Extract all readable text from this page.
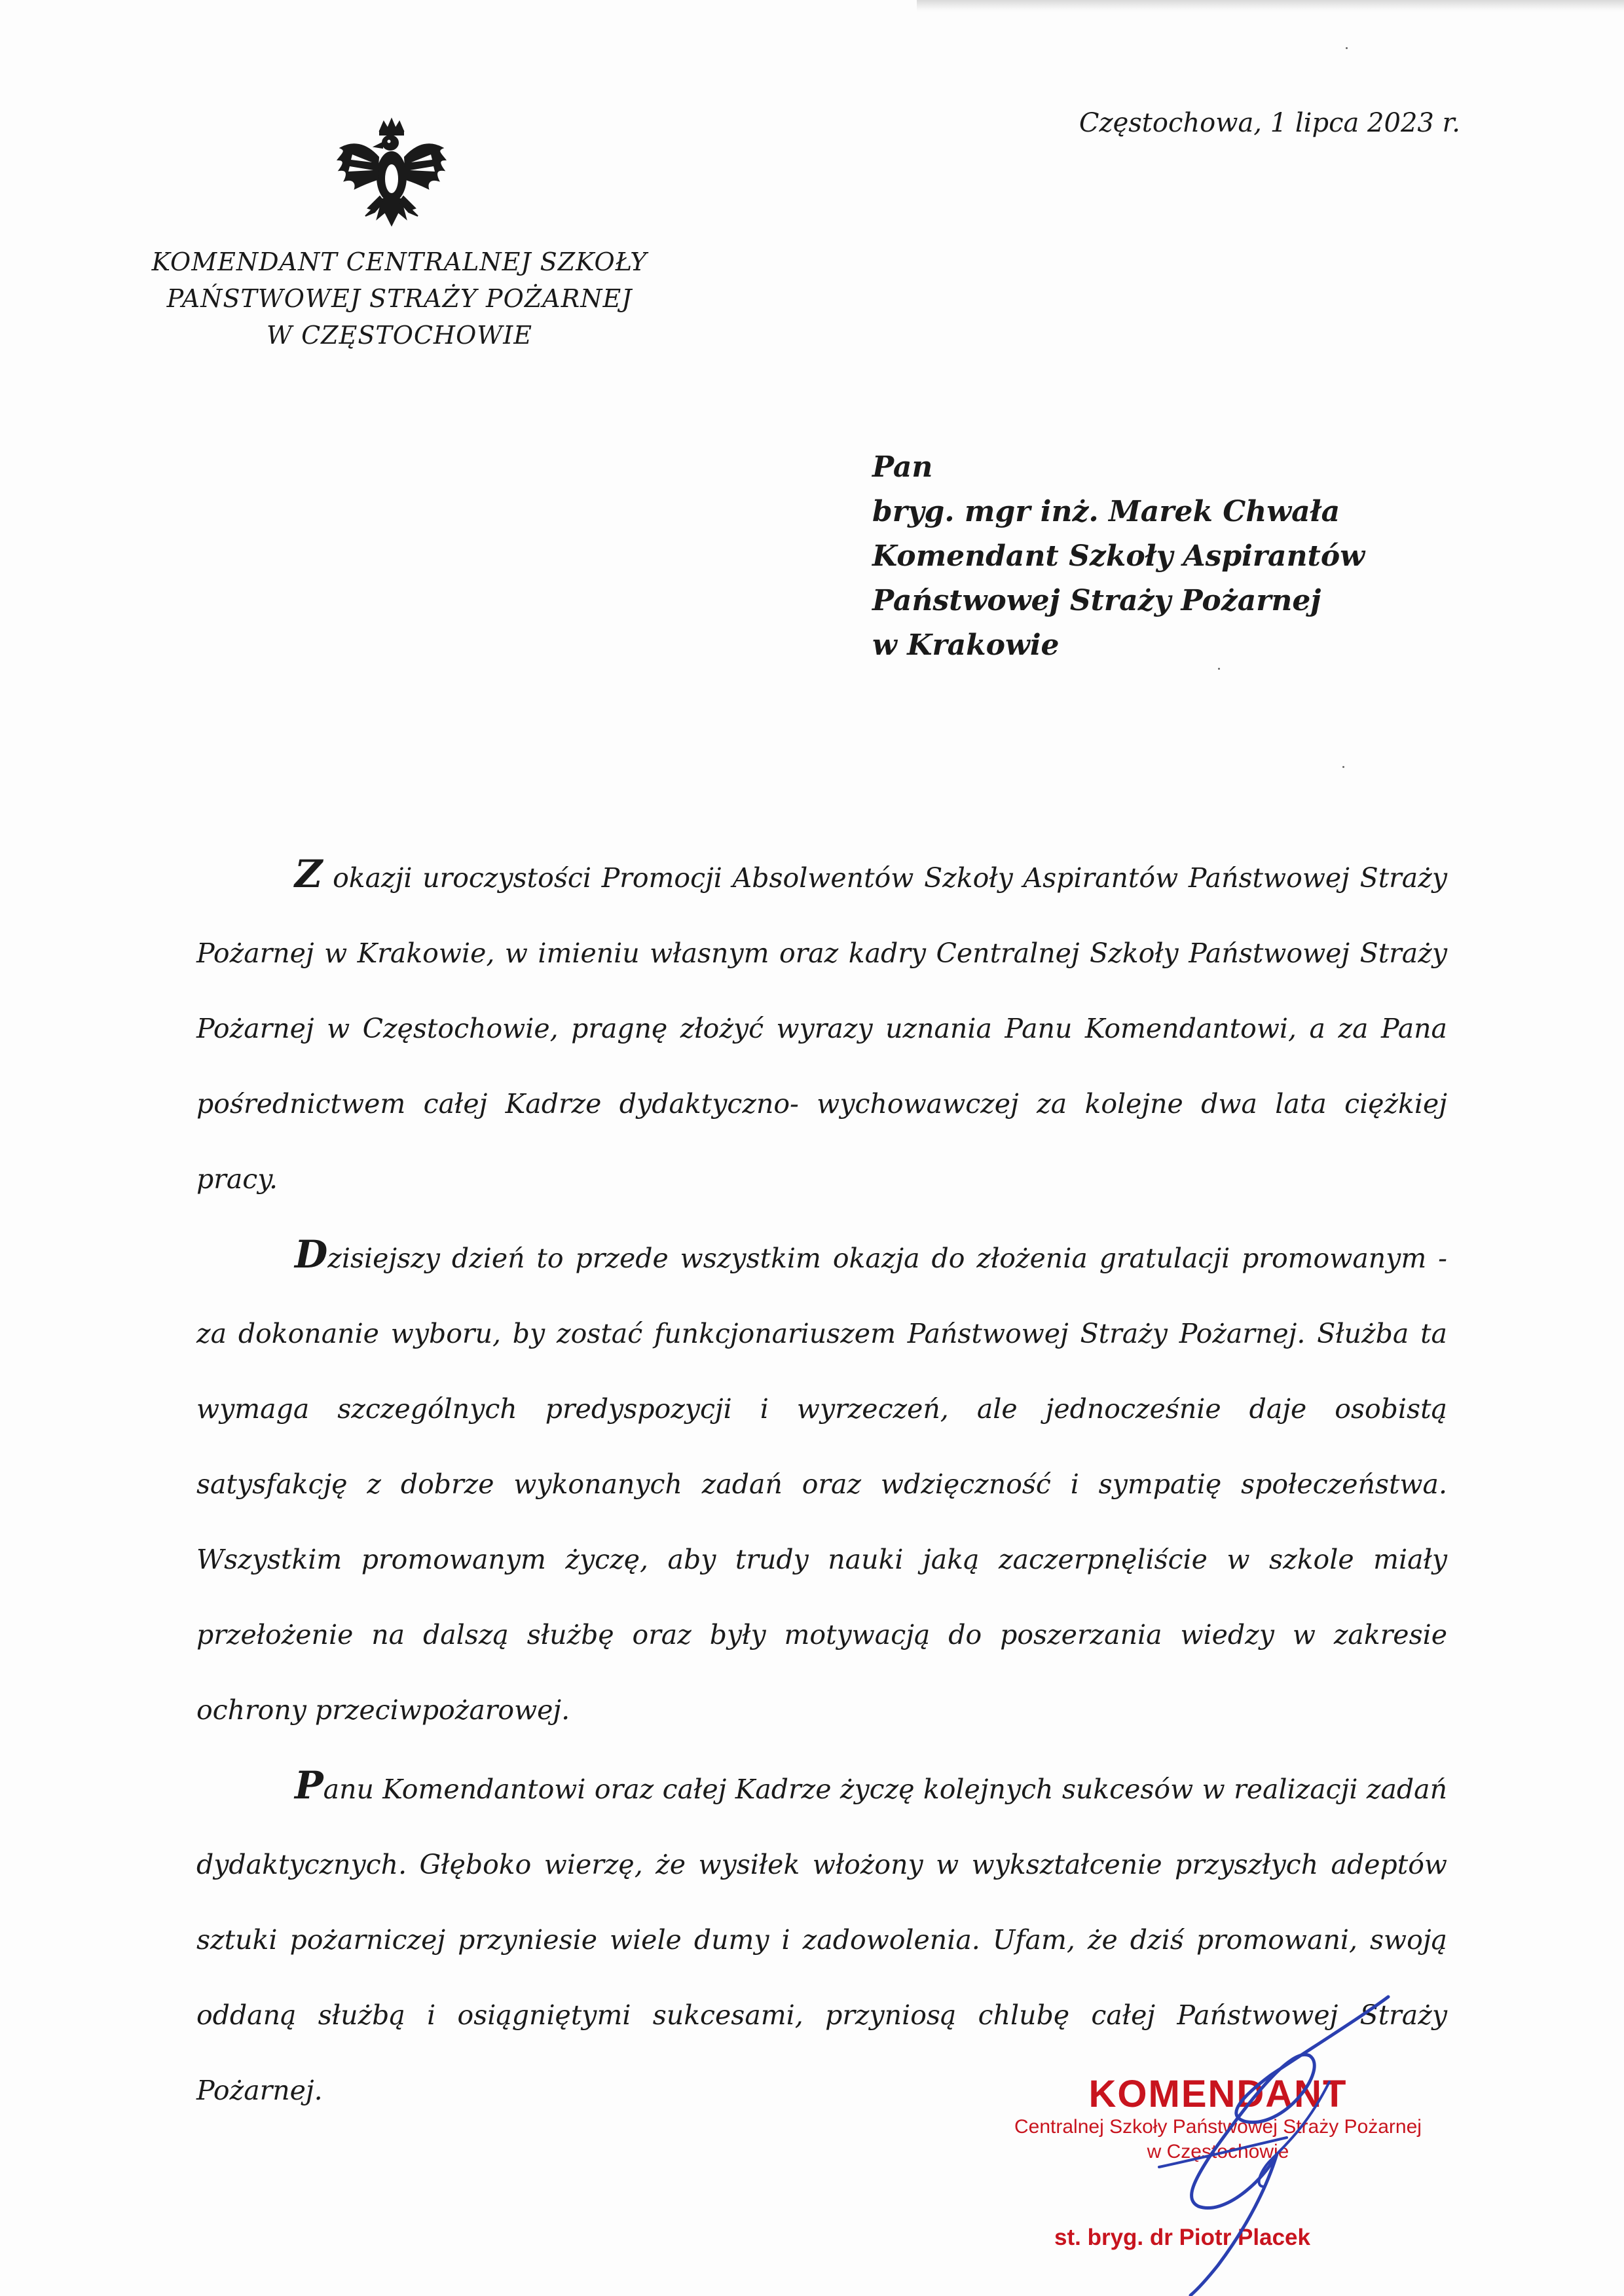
Częstochowa, 1 lipca 2023 r.
KOMENDANT CENTRALNEJ SZKOŁY
PAŃSTWOWEJ STRAŻY POŻARNEJ
W CZĘSTOCHOWIE
Pan
bryg. mgr inż. Marek Chwała
Komendant Szkoły Aspirantów
Państwowej Straży Pożarnej
w Krakowie

Z okazji uroczystości Promocji Absolwentów Szkoły Aspirantów Państwowej Straży Pożarnej w Krakowie, w imieniu własnym oraz kadry Centralnej Szkoły Państwowej Straży Pożarnej w Częstochowie, pragnę złożyć wyrazy uznania Panu Komendantowi, a za Pana pośrednictwem całej Kadrze dydaktyczno- wychowawczej za kolejne dwa lata ciężkiej pracy.

Dzisiejszy dzień to przede wszystkim okazja do złożenia gratulacji promowanym - za dokonanie wyboru, by zostać funkcjonariuszem Państwowej Straży Pożarnej. Służba ta wymaga szczególnych predyspozycji i wyrzeczeń, ale jednocześnie daje osobistą satysfakcję z dobrze wykonanych zadań oraz wdzięczność i sympatię społeczeństwa. Wszystkim promowanym życzę, aby trudy nauki jaką zaczerpnęliście w szkole miały przełożenie na dalszą służbę oraz były motywacją do poszerzania wiedzy w zakresie ochrony przeciwpożarowej.

Panu Komendantowi oraz całej Kadrze życzę kolejnych sukcesów w realizacji zadań dydaktycznych. Głęboko wierzę, że wysiłek włożony w wykształcenie przyszłych adeptów sztuki pożarniczej przyniesie wiele dumy i zadowolenia. Ufam, że dziś promowani, swoją oddaną służbą i osiągniętymi sukcesami, przyniosą chlubę całej Państwowej Straży Pożarnej.	KOMENDANT
Centralnej Szkoły Państwowej Straży Pożarnej
w Częstochowie
st. bryg. dr Piotr Placek
